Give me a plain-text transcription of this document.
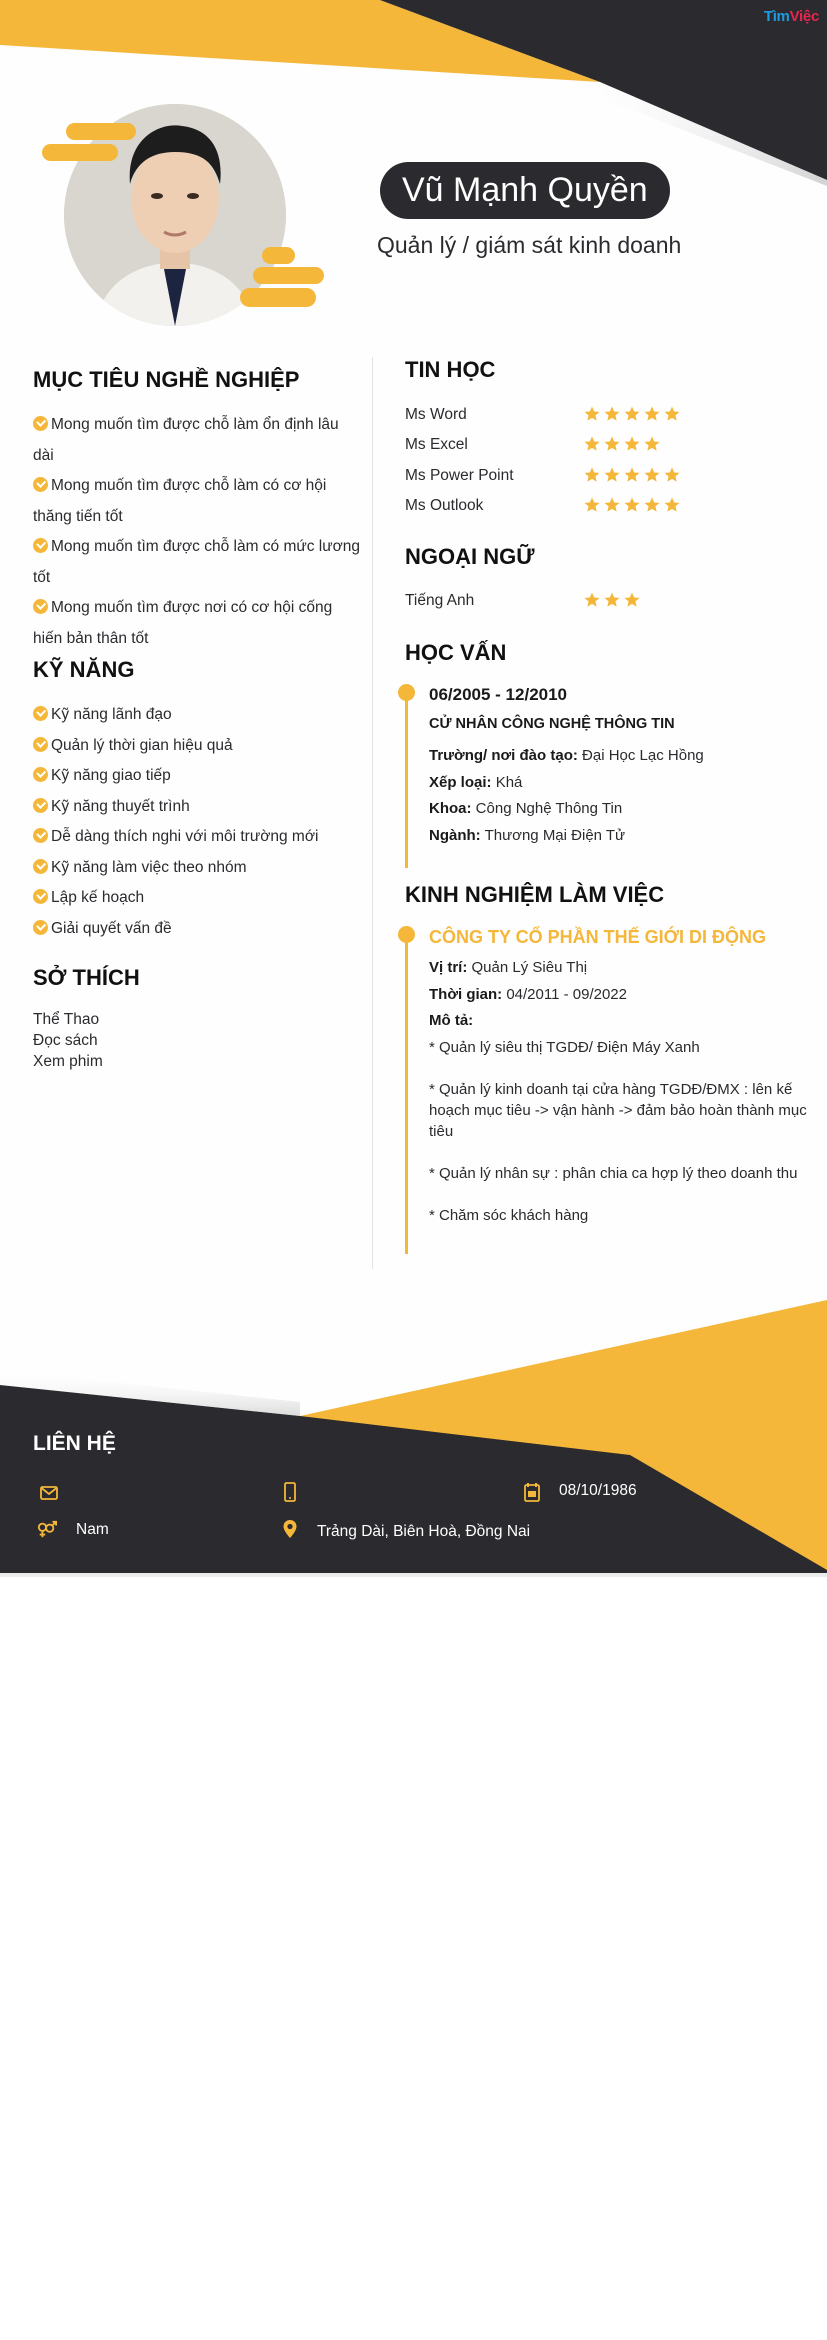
TìmViệc
Vũ Mạnh Quyền
Quản lý / giám sát kinh doanh
MỤC TIÊU NGHỀ NGHIỆP
Mong muốn tìm được chỗ làm ổn định lâu dài
Mong muốn tìm được chỗ làm có cơ hội thăng tiến tốt
Mong muốn tìm được chỗ làm có mức lương tốt
Mong muốn tìm được nơi có cơ hội cống hiến bản thân tốt
KỸ NĂNG
Kỹ năng lãnh đạo
Quản lý thời gian hiệu quả
Kỹ năng giao tiếp
Kỹ năng thuyết trình
Dễ dàng thích nghi với môi trường mới
Kỹ năng làm việc theo nhóm
Lập kế hoạch
Giải quyết vấn đề
SỞ THÍCH
Thể Thao
Đọc sách
Xem phim
TIN HỌC
Ms Word
Ms Excel
Ms Power Point
Ms Outlook
NGOẠI NGỮ
Tiếng Anh
HỌC VẤN
06/2005 - 12/2010
CỬ NHÂN CÔNG NGHỆ THÔNG TIN
Trường/ nơi đào tạo: Đại Học Lạc Hồng
Xếp loại: Khá
Khoa: Công Nghệ Thông Tin
Ngành: Thương Mại Điện Tử
KINH NGHIỆM LÀM VIỆC
CÔNG TY CỔ PHẦN THẾ GIỚI DI ĐỘNG
Vị trí: Quản Lý Siêu Thị
Thời gian: 04/2011 - 09/2022
Mô tả:
* Quản lý siêu thị TGDĐ/ Điện Máy Xanh
* Quản lý kinh doanh tại cửa hàng TGDĐ/ĐMX : lên kế hoạch mục tiêu -> vận hành -> đảm bảo hoàn thành mục tiêu
* Quản lý nhân sự : phân chia ca hợp lý theo doanh thu
* Chăm sóc khách hàng
LIÊN HỆ
08/10/1986
Nam	Trảng Dài, Biên Hoà, Đồng Nai
